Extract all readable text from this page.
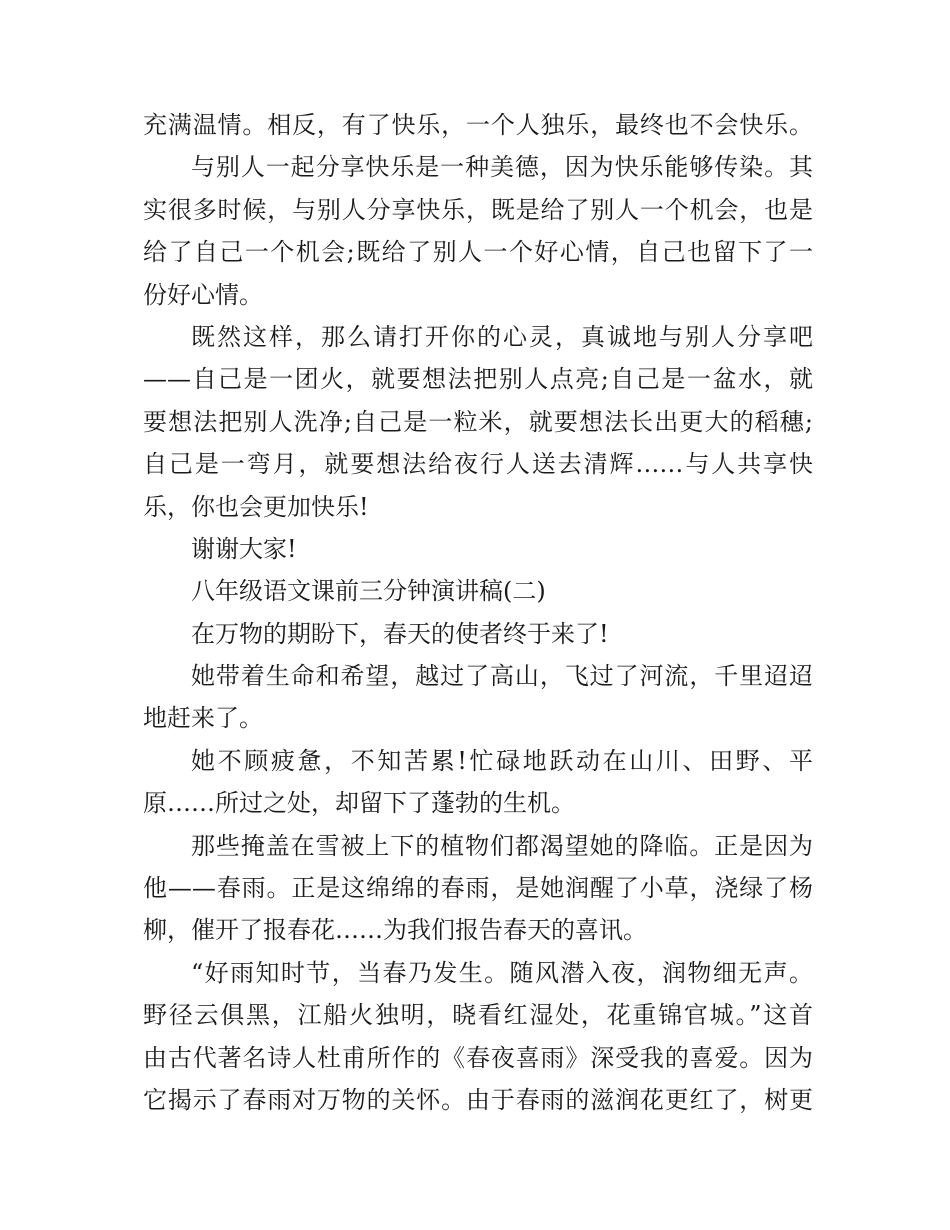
充满温情。相反，有了快乐，一个人独乐，最终也不会快乐。
与别人一起分享快乐是一种美德，因为快乐能够传染。其
实很多时候，与别人分享快乐，既是给了别人一个机会，也是
给了自己一个机会;既给了别人一个好心情，自己也留下了一
份好心情。
既然这样，那么请打开你的心灵，真诚地与别人分享吧
——自己是一团火，就要想法把别人点亮;自己是一盆水，就
要想法把别人洗净;自己是一粒米，就要想法长出更大的稻穗;
自己是一弯月，就要想法给夜行人送去清辉……与人共享快
乐，你也会更加快乐!
谢谢大家!
八年级语文课前三分钟演讲稿(二)
在万物的期盼下，春天的使者终于来了!
她带着生命和希望，越过了高山，飞过了河流，千里迢迢
地赶来了。
她不顾疲惫，不知苦累!忙碌地跃动在山川、田野、平
原……所过之处，却留下了蓬勃的生机。
那些掩盖在雪被上下的植物们都渴望她的降临。正是因为
他——春雨。正是这绵绵的春雨，是她润醒了小草，浇绿了杨
柳，催开了报春花……为我们报告春天的喜讯。
“好雨知时节，当春乃发生。随风潜入夜，润物细无声。
野径云俱黑，江船火独明，晓看红湿处，花重锦官城。”这首
由古代著名诗人杜甫所作的《春夜喜雨》深受我的喜爱。因为
它揭示了春雨对万物的关怀。由于春雨的滋润花更红了，树更
